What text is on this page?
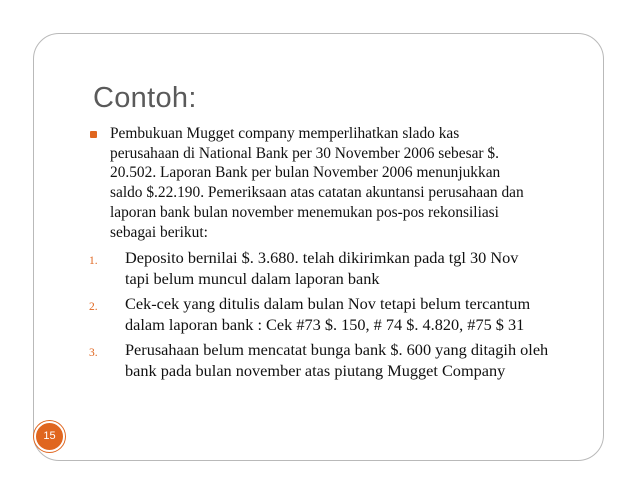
Contoh:
Pembukuan Mugget company memperlihatkan slado kas
perusahaan di National Bank per 30 November 2006 sebesar $.
20.502. Laporan Bank per bulan November 2006 menunjukkan
saldo $.22.190. Pemeriksaan atas catatan akuntansi perusahaan dan
laporan bank bulan november menemukan pos-pos rekonsiliasi
sebagai berikut:
1. Deposito bernilai $. 3.680. telah dikirimkan pada tgl 30 Nov
tapi belum muncul dalam laporan bank
2. Cek-cek yang ditulis dalam bulan Nov tetapi belum tercantum
dalam laporan bank : Cek #73 $. 150, # 74 $. 4.820, #75 $ 31
3. Perusahaan belum mencatat bunga bank $. 600 yang ditagih oleh
bank pada bulan november atas piutang Mugget Company
15
